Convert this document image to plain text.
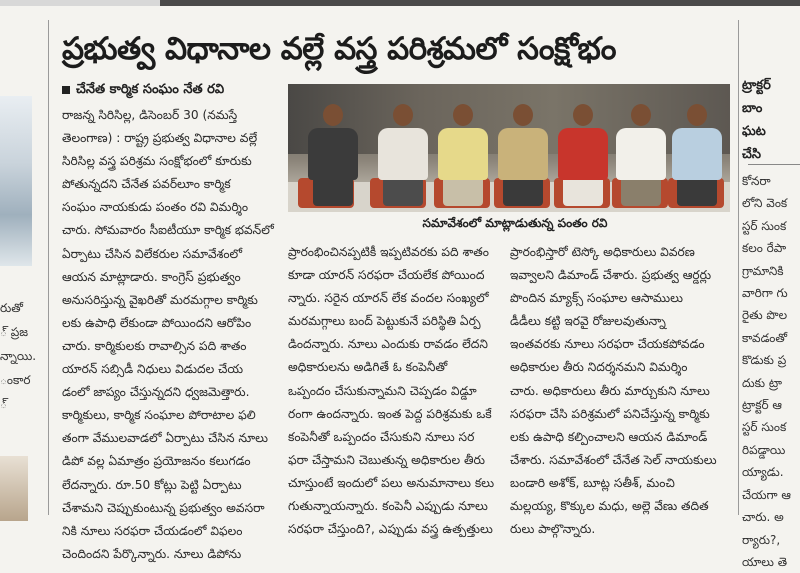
రుతో
్ ప్రజ
న్నాయి.
ంకార
్
ప్రభుత్వ విధానాల వల్లే వస్త్ర పరిశ్రమలో సంక్షోభం
చేనేత కార్మిక సంఘం నేత రవి
రాజన్న సిరిసిల్ల, డిసెంబర్ 30 (నమస్తే
తెలంగాణ) : రాష్ట్ర ప్రభుత్వ విధానాల వల్లే
సిరిసిల్ల వస్త్ర పరిశ్రమ సంక్షోభంలో కూరుకు
పోతున్నదని చేనేత పవర్‌లూం కార్మిక
సంఘం నాయకుడు పంతం రవి విమర్శిం
చారు. సోమవారం సీఐటీయూ కార్మిక భవన్‌లో
ఏర్పాటు చేసిన విలేకరుల సమావేశంలో
ఆయన మాట్లాడారు. కాంగ్రెస్ ప్రభుత్వం
అనుసరిస్తున్న వైఖరితో మరమగ్గాల కార్మికు
లకు ఉపాధి లేకుండా పోయిందని ఆరోపిం
చారు. కార్మికులకు రావాల్సిన పది శాతం
యారన్ సబ్సిడీ నిధులు విడుదల చేయ
డంలో జాప్యం చేస్తున్నదని ధ్వజమెత్తారు.
కార్మికులు, కార్మిక సంఘాల పోరాటాల ఫలి
తంగా వేములవాడలో ఏర్పాటు చేసిన నూలు
డిపో వల్ల ఏమాత్రం ప్రయోజనం కలుగడం
లేదన్నారు. రూ.50 కోట్లు పెట్టి ఏర్పాటు
చేశామని చెప్పుకుంటున్న ప్రభుత్వం అవసరా
నికి నూలు సరఫరా చేయడంలో విఫలం
చెందిందని పేర్కొన్నారు. నూలు డిపోను
సమావేశంలో మాట్లాడుతున్న పంతం రవి
ప్రారంభించినప్పటికీ ఇప్పటివరకు పది శాతం
కూడా యారన్ సరఫరా చేయలేక పోయింద
న్నారు. సరైన యారన్ లేక వందల సంఖ్యలో
మరమగ్గాలు బంద్ పెట్టుకునే పరిస్థితి ఏర్ప
డిందన్నారు. నూలు ఎందుకు రావడం లేదని
అధికారులను అడిగితే ఓ కంపెనీతో
ఒప్పందం చేసుకున్నామని చెప్పడం విడ్డూ
రంగా ఉందన్నారు. ఇంత పెద్ద పరిశ్రమకు ఒకే
కంపెనీతో ఒప్పందం చేసుకుని నూలు సర
ఫరా చేస్తామని చెబుతున్న అధికారుల తీరు
చూస్తుంటే ఇందులో పలు అనుమానాలు కలు
గుతున్నాయన్నారు. కంపెనీ ఎప్పుడు నూలు
సరఫరా చేస్తుంది?, ఎప్పుడు వస్త్ర ఉత్పత్తులు
ప్రారంభిస్తారో టెస్కో అధికారులు వివరణ
ఇవ్వాలని డిమాండ్ చేశారు. ప్రభుత్వ ఆర్డర్లు
పొందిన మ్యాక్స్ సంఘాల ఆసాములు
డీడీలు కట్టి ఇరవై రోజులవుతున్నా
ఇంతవరకు నూలు సరఫరా చేయకపోవడం
అధికారుల తీరు నిదర్శనమని విమర్శిం
చారు. అధికారులు తీరు మార్చుకుని నూలు
సరఫరా చేసి పరిశ్రమలో పనిచేస్తున్న కార్మికు
లకు ఉపాధి కల్పించాలని ఆయన డిమాండ్
చేశారు. సమావేశంలో చేనేత సెల్ నాయకులు
బండారి అశోక్, బూట్ల సతీశ్, మంచి
మల్లయ్య, కొక్కుల మధు, అల్లె వేణు తదిత
రులు పాల్గొన్నారు.
ట్రాక్టర్
బాం
ఘట
చేసి
కోనరా
లోని వెంక
స్టర్ సుంక
కలం రేపా
గ్రామానికి
వారిగా గు
రైతు పొల
కావడంతో
కొడుకు ప్ర
దుకు ట్రా
ట్రాక్టర్ ఆ
స్టర్ సుంక
రిపడ్డాయి
య్యాడు.
చేయగా ఆ
చారు. అ
ర్యారు?,
యాలు తె
